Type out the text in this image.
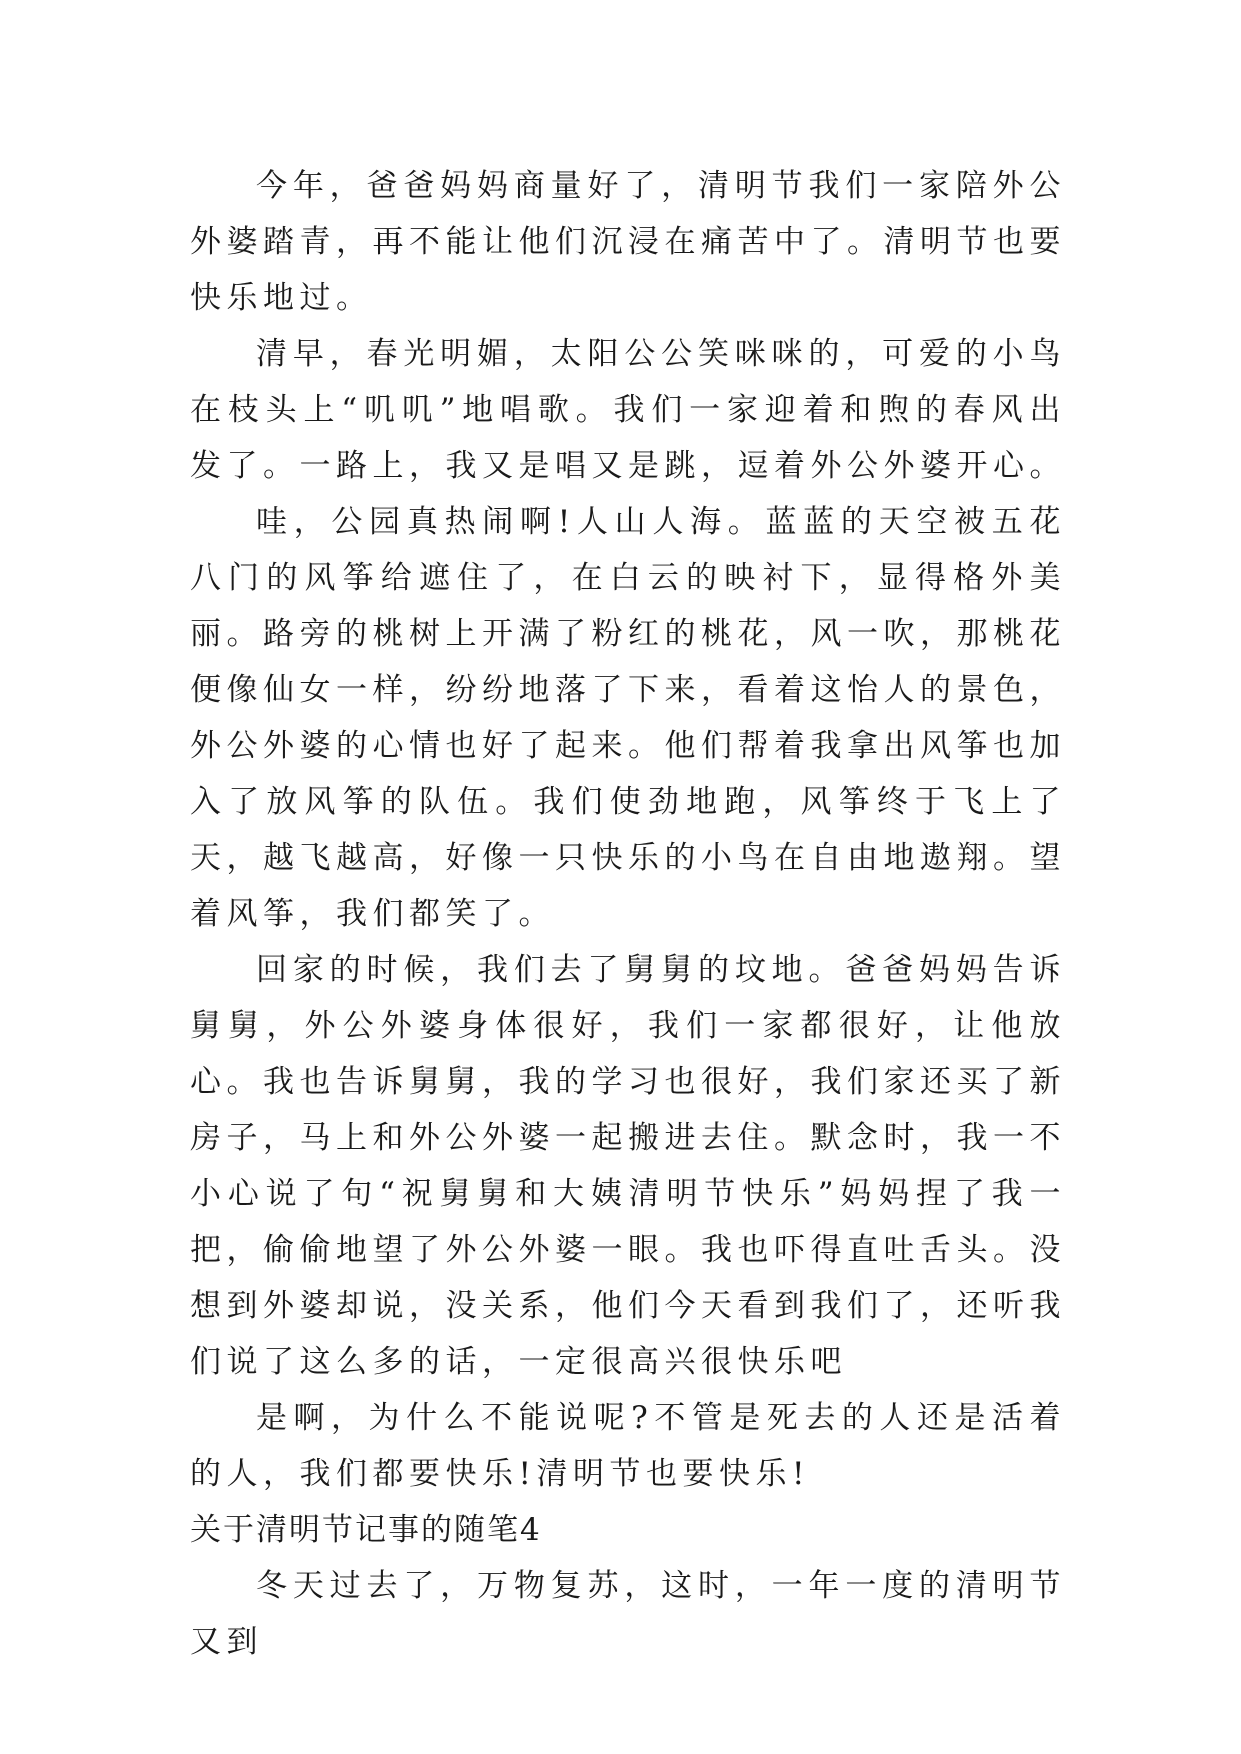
今年，爸爸妈妈商量好了，清明节我们一家陪外公外婆踏青，再不能让他们沉浸在痛苦中了。清明节也要快乐地过。

清早，春光明媚，太阳公公笑咪咪的，可爱的小鸟在枝头上“叽叽”地唱歌。我们一家迎着和煦的春风出发了。一路上，我又是唱又是跳，逗着外公外婆开心。

哇，公园真热闹啊!人山人海。蓝蓝的天空被五花八门的风筝给遮住了，在白云的映衬下，显得格外美丽。路旁的桃树上开满了粉红的桃花，风一吹，那桃花便像仙女一样，纷纷地落了下来，看着这怡人的景色，外公外婆的心情也好了起来。他们帮着我拿出风筝也加入了放风筝的队伍。我们使劲地跑，风筝终于飞上了天，越飞越高，好像一只快乐的小鸟在自由地遨翔。望着风筝，我们都笑了。

回家的时候，我们去了舅舅的坟地。爸爸妈妈告诉舅舅，外公外婆身体很好，我们一家都很好，让他放心。我也告诉舅舅，我的学习也很好，我们家还买了新房子，马上和外公外婆一起搬进去住。默念时，我一不小心说了句“祝舅舅和大姨清明节快乐”妈妈捏了我一把，偷偷地望了外公外婆一眼。我也吓得直吐舌头。没想到外婆却说，没关系，他们今天看到我们了，还听我们说了这么多的话，一定很高兴很快乐吧

是啊，为什么不能说呢?不管是死去的人还是活着的人，我们都要快乐!清明节也要快乐!

关于清明节记事的随笔4

冬天过去了，万物复苏，这时，一年一度的清明节又到
